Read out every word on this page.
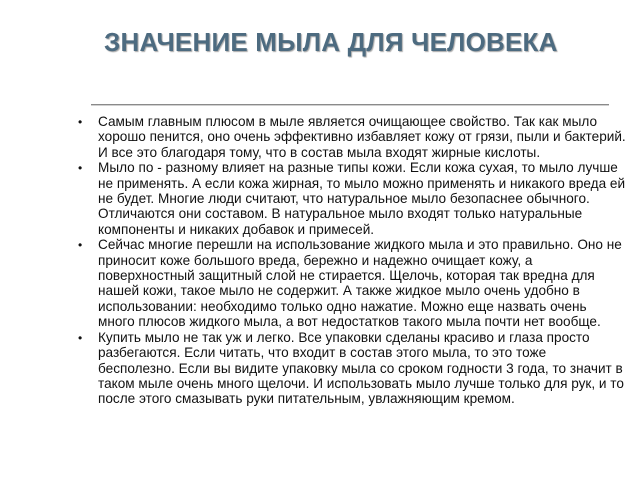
ЗНАЧЕНИЕ МЫЛА ДЛЯ ЧЕЛОВЕКА
• Самым главным плюсом в мыле является очищающее свойство. Так как мыло хорошо пенится, оно очень эффективно избавляет кожу от грязи, пыли и бактерий. И все это благодаря тому, что в состав мыла входят жирные кислоты.
• Мыло по - разному влияет на разные типы кожи. Если кожа сухая, то мыло лучше не применять. А если кожа жирная, то мыло можно применять и никакого вреда ей не будет. Многие люди считают, что натуральное мыло безопаснее обычного. Отличаются они составом. В натуральное мыло входят только натуральные компоненты и никаких добавок и примесей.
• Сейчас многие перешли на использование жидкого мыла и это правильно. Оно не приносит коже большого вреда, бережно и надежно очищает кожу, а поверхностный защитный слой не стирается. Щелочь, которая так вредна для нашей кожи, такое мыло не содержит. А также жидкое мыло очень удобно в использовании: необходимо только одно нажатие. Можно еще назвать очень много плюсов жидкого мыла, а вот недостатков такого мыла почти нет вообще.
• Купить мыло не так уж и легко. Все упаковки сделаны красиво и глаза просто разбегаются. Если читать, что входит в состав этого мыла, то это тоже бесполезно. Если вы видите упаковку мыла со сроком годности 3 года, то значит в таком мыле очень много щелочи. И использовать мыло лучше только для рук, и то после этого смазывать руки питательным, увлажняющим кремом.
